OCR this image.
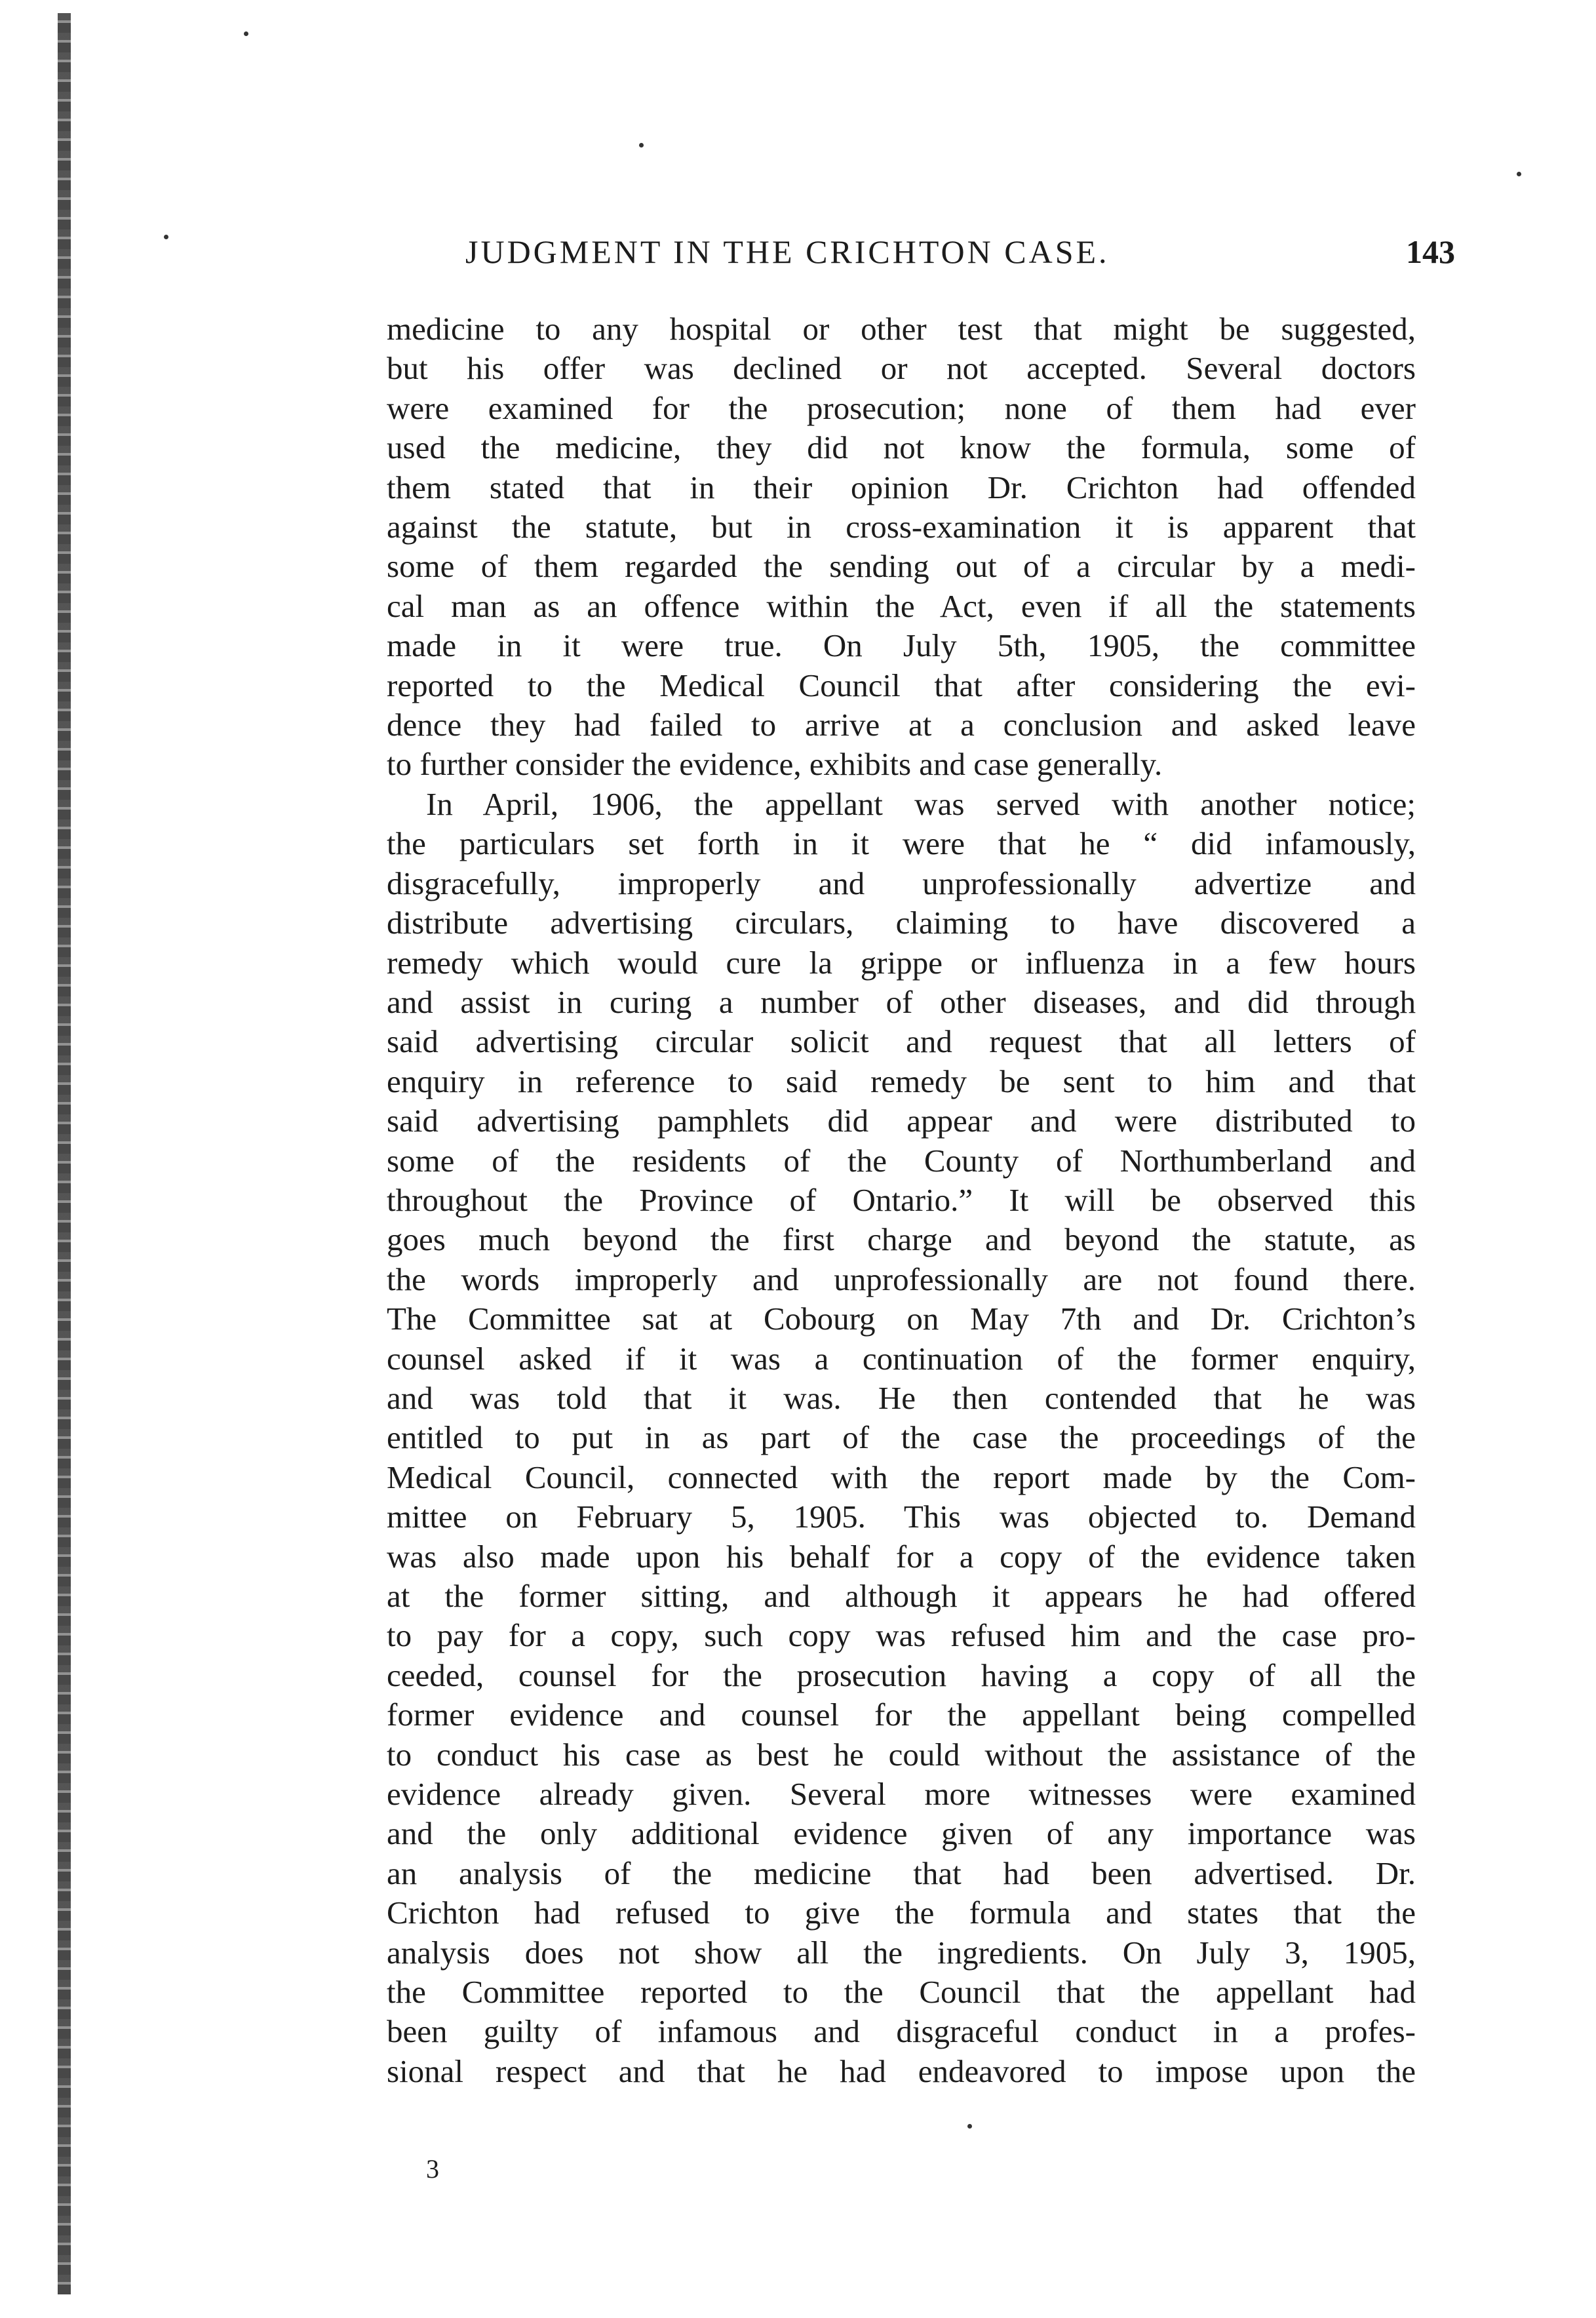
JUDGMENT IN THE CRICHTON CASE.	143
medicine to any hospital or other test that might be suggested,
but his offer was declined or not accepted. Several doctors
were examined for the prosecution; none of them had ever
used the medicine, they did not know the formula, some of
them stated that in their opinion Dr. Crichton had offended
against the statute, but in cross-examination it is apparent that
some of them regarded the sending out of a circular by a medi-
cal man as an offence within the Act, even if all the statements
made in it were true. On July 5th, 1905, the committee
reported to the Medical Council that after considering the evi-
dence they had failed to arrive at a conclusion and asked leave
to further consider the evidence, exhibits and case generally.
In April, 1906, the appellant was served with another notice;
the particulars set forth in it were that he “ did infamously,
disgracefully, improperly and unprofessionally advertize and
distribute advertising circulars, claiming to have discovered a
remedy which would cure la grippe or influenza in a few hours
and assist in curing a number of other diseases, and did through
said advertising circular solicit and request that all letters of
enquiry in reference to said remedy be sent to him and that
said advertising pamphlets did appear and were distributed to
some of the residents of the County of Northumberland and
throughout the Province of Ontario.” It will be observed this
goes much beyond the first charge and beyond the statute, as
the words improperly and unprofessionally are not found there.
The Committee sat at Cobourg on May 7th and Dr. Crichton’s
counsel asked if it was a continuation of the former enquiry,
and was told that it was. He then contended that he was
entitled to put in as part of the case the proceedings of the
Medical Council, connected with the report made by the Com-
mittee on February 5, 1905. This was objected to. Demand
was also made upon his behalf for a copy of the evidence taken
at the former sitting, and although it appears he had offered
to pay for a copy, such copy was refused him and the case pro-
ceeded, counsel for the prosecution having a copy of all the
former evidence and counsel for the appellant being compelled
to conduct his case as best he could without the assistance of the
evidence already given. Several more witnesses were examined
and the only additional evidence given of any importance was
an analysis of the medicine that had been advertised. Dr.
Crichton had refused to give the formula and states that the
analysis does not show all the ingredients. On July 3, 1905,
the Committee reported to the Council that the appellant had
been guilty of infamous and disgraceful conduct in a profes-
sional respect and that he had endeavored to impose upon the
3
